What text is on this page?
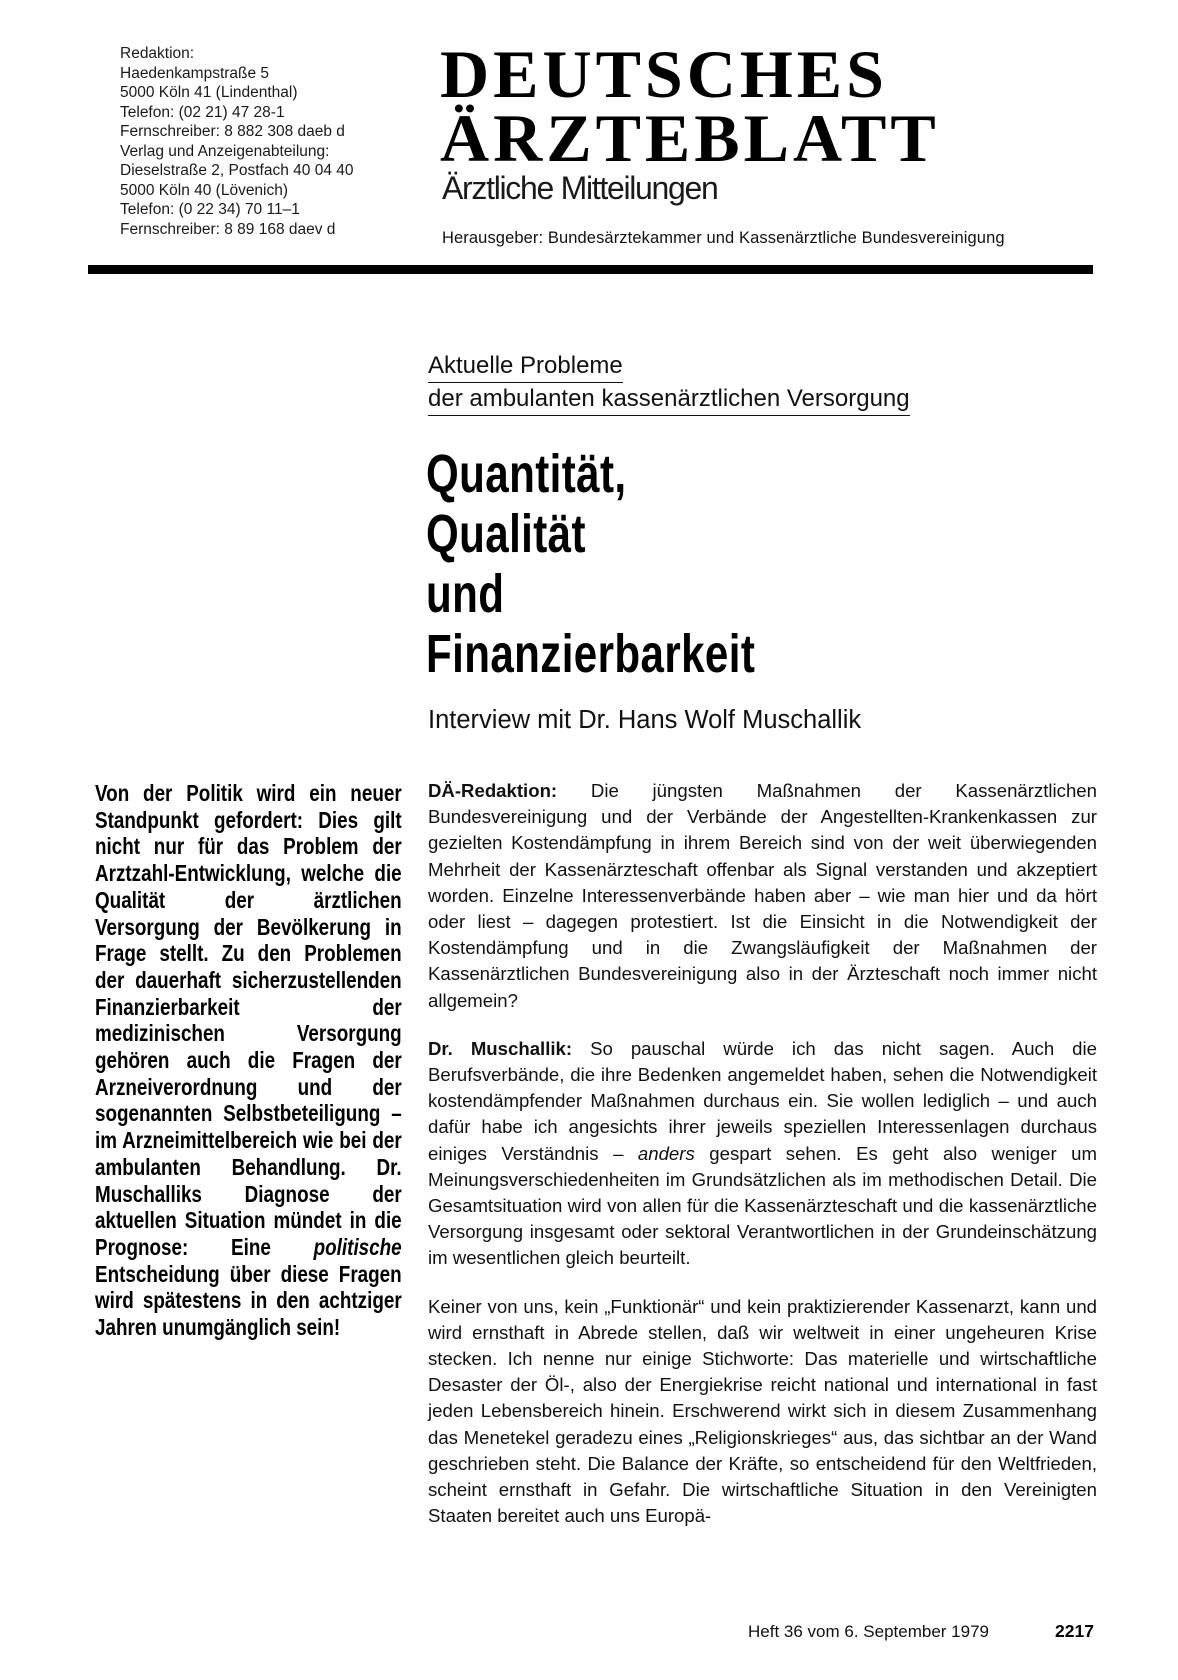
Redaktion:
Haedenkampstraße 5
5000 Köln 41 (Lindenthal)
Telefon: (02 21) 47 28-1
Fernschreiber: 8 882 308 daeb d
Verlag und Anzeigenabteilung:
Dieselstraße 2, Postfach 40 04 40
5000 Köln 40 (Lövenich)
Telefon: (0 22 34) 70 11–1
Fernschreiber: 8 89 168 daev d
DEUTSCHES
ÄRZTEBLATT
Ärztliche Mitteilungen
Herausgeber: Bundesärztekammer und Kassenärztliche Bundesvereinigung
Aktuelle Probleme
der ambulanten kassenärztlichen Versorgung
Quantität,
Qualität
und
Finanzierbarkeit
Interview mit Dr. Hans Wolf Muschallik
Von der Politik wird ein neuer Standpunkt gefordert: Dies gilt nicht nur für das Problem der Arztzahl-Entwicklung, welche die Qualität der ärztlichen Versorgung der Bevölkerung in Frage stellt. Zu den Problemen der dauerhaft sicherzustellenden Finanzierbarkeit der medizinischen Versorgung gehören auch die Fragen der Arzneiverordnung und der sogenannten Selbstbeteiligung – im Arzneimittelbereich wie bei der ambulanten Behandlung. Dr. Muschalliks Diagnose der aktuellen Situation mündet in die Prognose: Eine politische Entscheidung über diese Fragen wird spätestens in den achtziger Jahren unumgänglich sein!

DÄ-Redaktion: Die jüngsten Maßnahmen der Kassenärztlichen Bundesvereinigung und der Verbände der Angestellten-Krankenkassen zur gezielten Kostendämpfung in ihrem Bereich sind von der weit überwiegenden Mehrheit der Kassenärzteschaft offenbar als Signal verstanden und akzeptiert worden. Einzelne Interessenverbände haben aber – wie man hier und da hört oder liest – dagegen protestiert. Ist die Einsicht in die Notwendigkeit der Kostendämpfung und in die Zwangsläufigkeit der Maßnahmen der Kassenärztlichen Bundesvereinigung also in der Ärzteschaft noch immer nicht allgemein?

Dr. Muschallik: So pauschal würde ich das nicht sagen. Auch die Berufsverbände, die ihre Bedenken angemeldet haben, sehen die Notwendigkeit kostendämpfender Maßnahmen durchaus ein. Sie wollen lediglich – und auch dafür habe ich angesichts ihrer jeweils speziellen Interessenlagen durchaus einiges Verständnis – anders gespart sehen. Es geht also weniger um Meinungsverschiedenheiten im Grundsätzlichen als im methodischen Detail. Die Gesamtsituation wird von allen für die Kassenärzteschaft und die kassenärztliche Versorgung insgesamt oder sektoral Verantwortlichen in der Grundeinschätzung im wesentlichen gleich beurteilt.

Keiner von uns, kein „Funktionär“ und kein praktizierender Kassenarzt, kann und wird ernsthaft in Abrede stellen, daß wir weltweit in einer ungeheuren Krise stecken. Ich nenne nur einige Stichworte: Das materielle und wirtschaftliche Desaster der Öl-, also der Energiekrise reicht national und international in fast jeden Lebensbereich hinein. Erschwerend wirkt sich in diesem Zusammenhang das Menetekel geradezu eines „Religionskrieges“ aus, das sichtbar an der Wand geschrieben steht. Die Balance der Kräfte, so entscheidend für den Weltfrieden, scheint ernsthaft in Gefahr. Die wirtschaftliche Situation in den Vereinigten Staaten bereitet auch uns Europä-

Heft 36 vom 6. September 1979	2217
